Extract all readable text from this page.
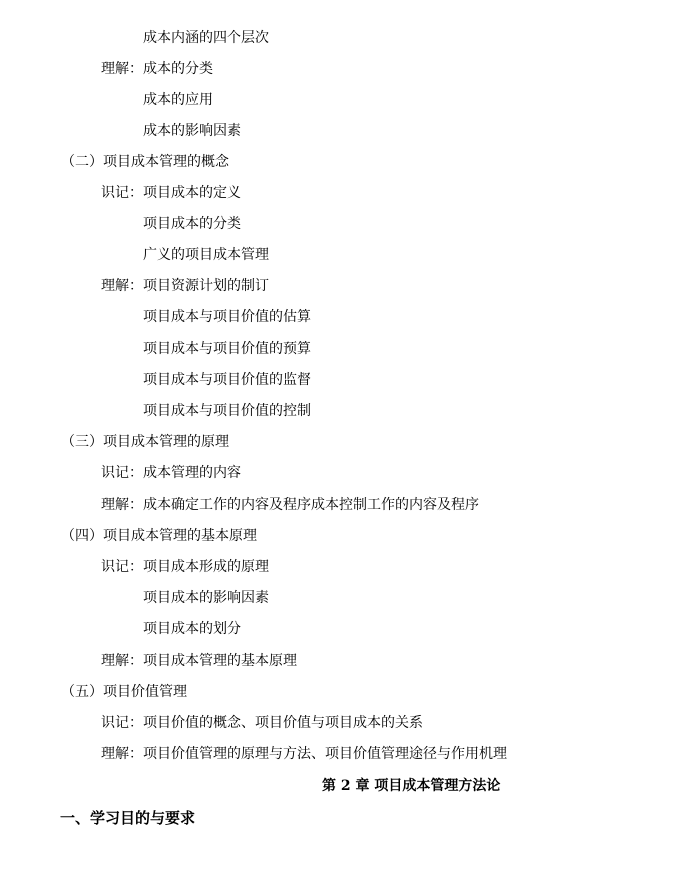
成本内涵的四个层次
理解：成本的分类
成本的应用
成本的影响因素
（二）项目成本管理的概念
识记：项目成本的定义
项目成本的分类
广义的项目成本管理
理解：项目资源计划的制订
项目成本与项目价值的估算
项目成本与项目价值的预算
项目成本与项目价值的监督
项目成本与项目价值的控制
（三）项目成本管理的原理
识记：成本管理的内容
理解：成本确定工作的内容及程序成本控制工作的内容及程序
（四）项目成本管理的基本原理
识记：项目成本形成的原理
项目成本的影响因素
项目成本的划分
理解：项目成本管理的基本原理
（五）项目价值管理
识记：项目价值的概念、项目价值与项目成本的关系
理解：项目价值管理的原理与方法、项目价值管理途径与作用机理
第 2 章 项目成本管理方法论
一、学习目的与要求
